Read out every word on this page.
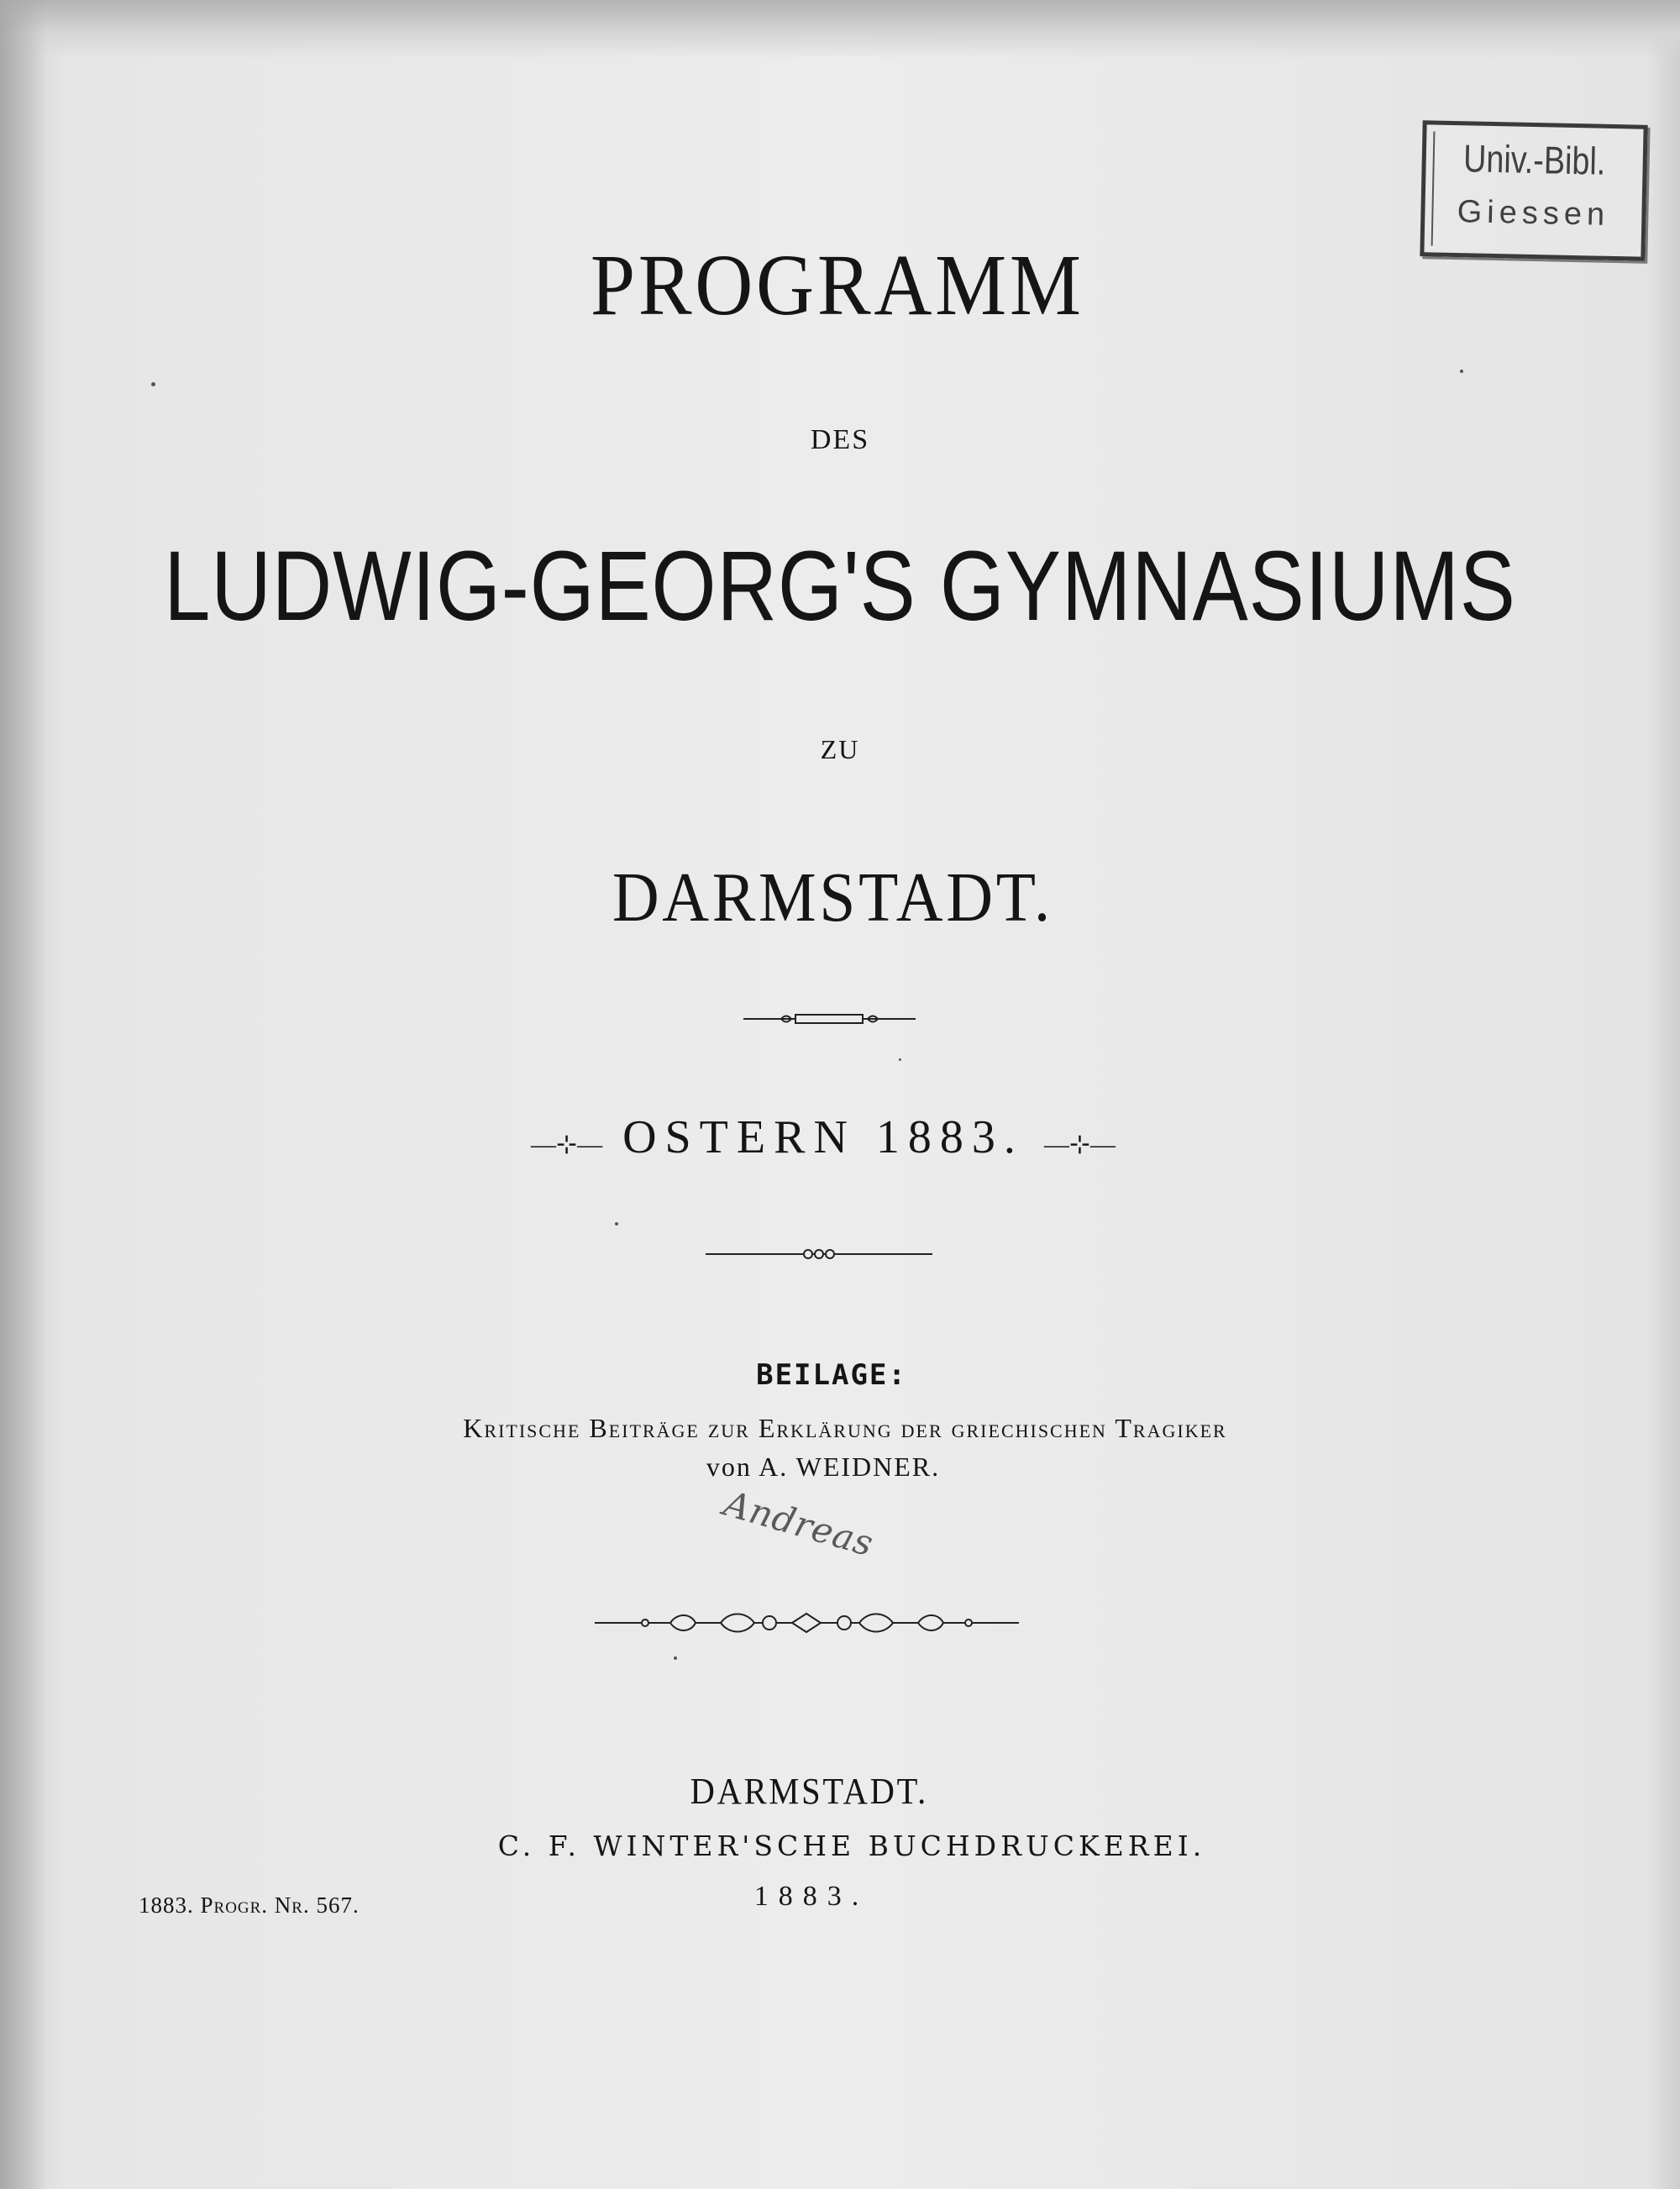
Univ.-Bibl.
Giessen
PROGRAMM
DES
LUDWIG-GEORG'S GYMNASIUMS
ZU
DARMSTADT.
—⊹— OSTERN 1883. —⊹—
BEILAGE:
Kritische Beiträge zur Erklärung der griechischen Tragiker
von A. WEIDNER.
Andreas
DARMSTADT.
C. F. WINTER'SCHE BUCHDRUCKEREI.
1883.
1883. Progr. Nr. 567.
